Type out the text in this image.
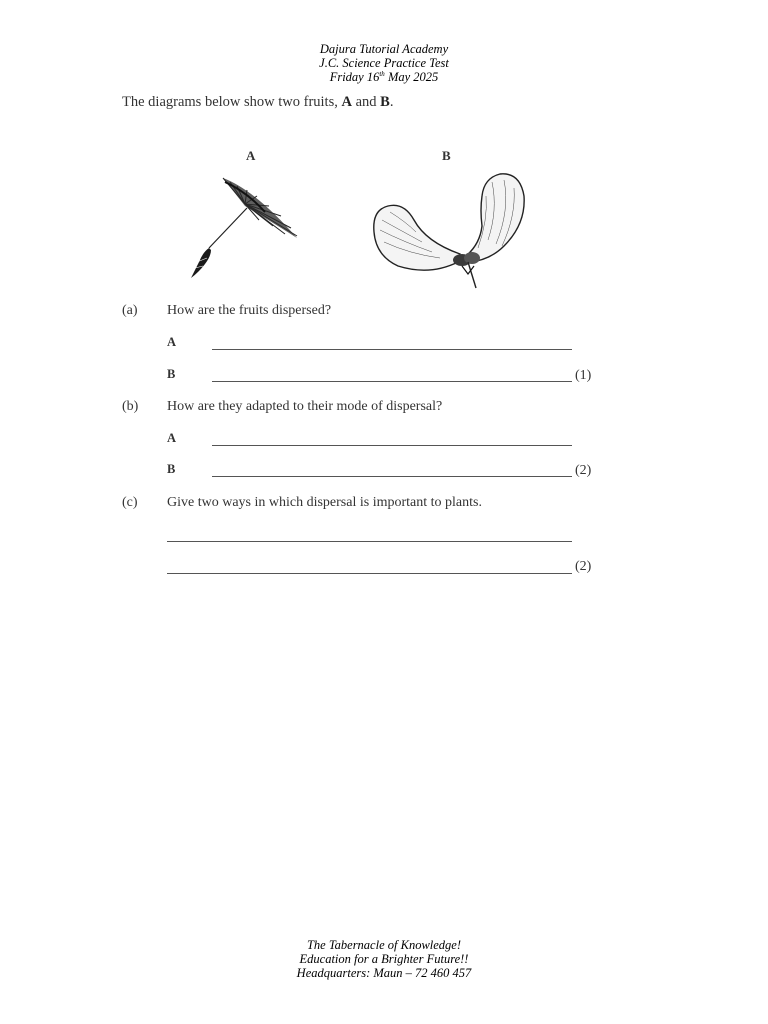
Dajura Tutorial Academy
J.C. Science Practice Test
Friday 16th May 2025
The diagrams below show two fruits, A and B.
A	B
(a) How are the fruits dispersed?
A
B	(1)
(b) How are they adapted to their mode of dispersal?
A
B	(2)
(c) Give two ways in which dispersal is important to plants.
(2)
The Tabernacle of Knowledge!
Education for a Brighter Future!!
Headquarters: Maun – 72 460 457
